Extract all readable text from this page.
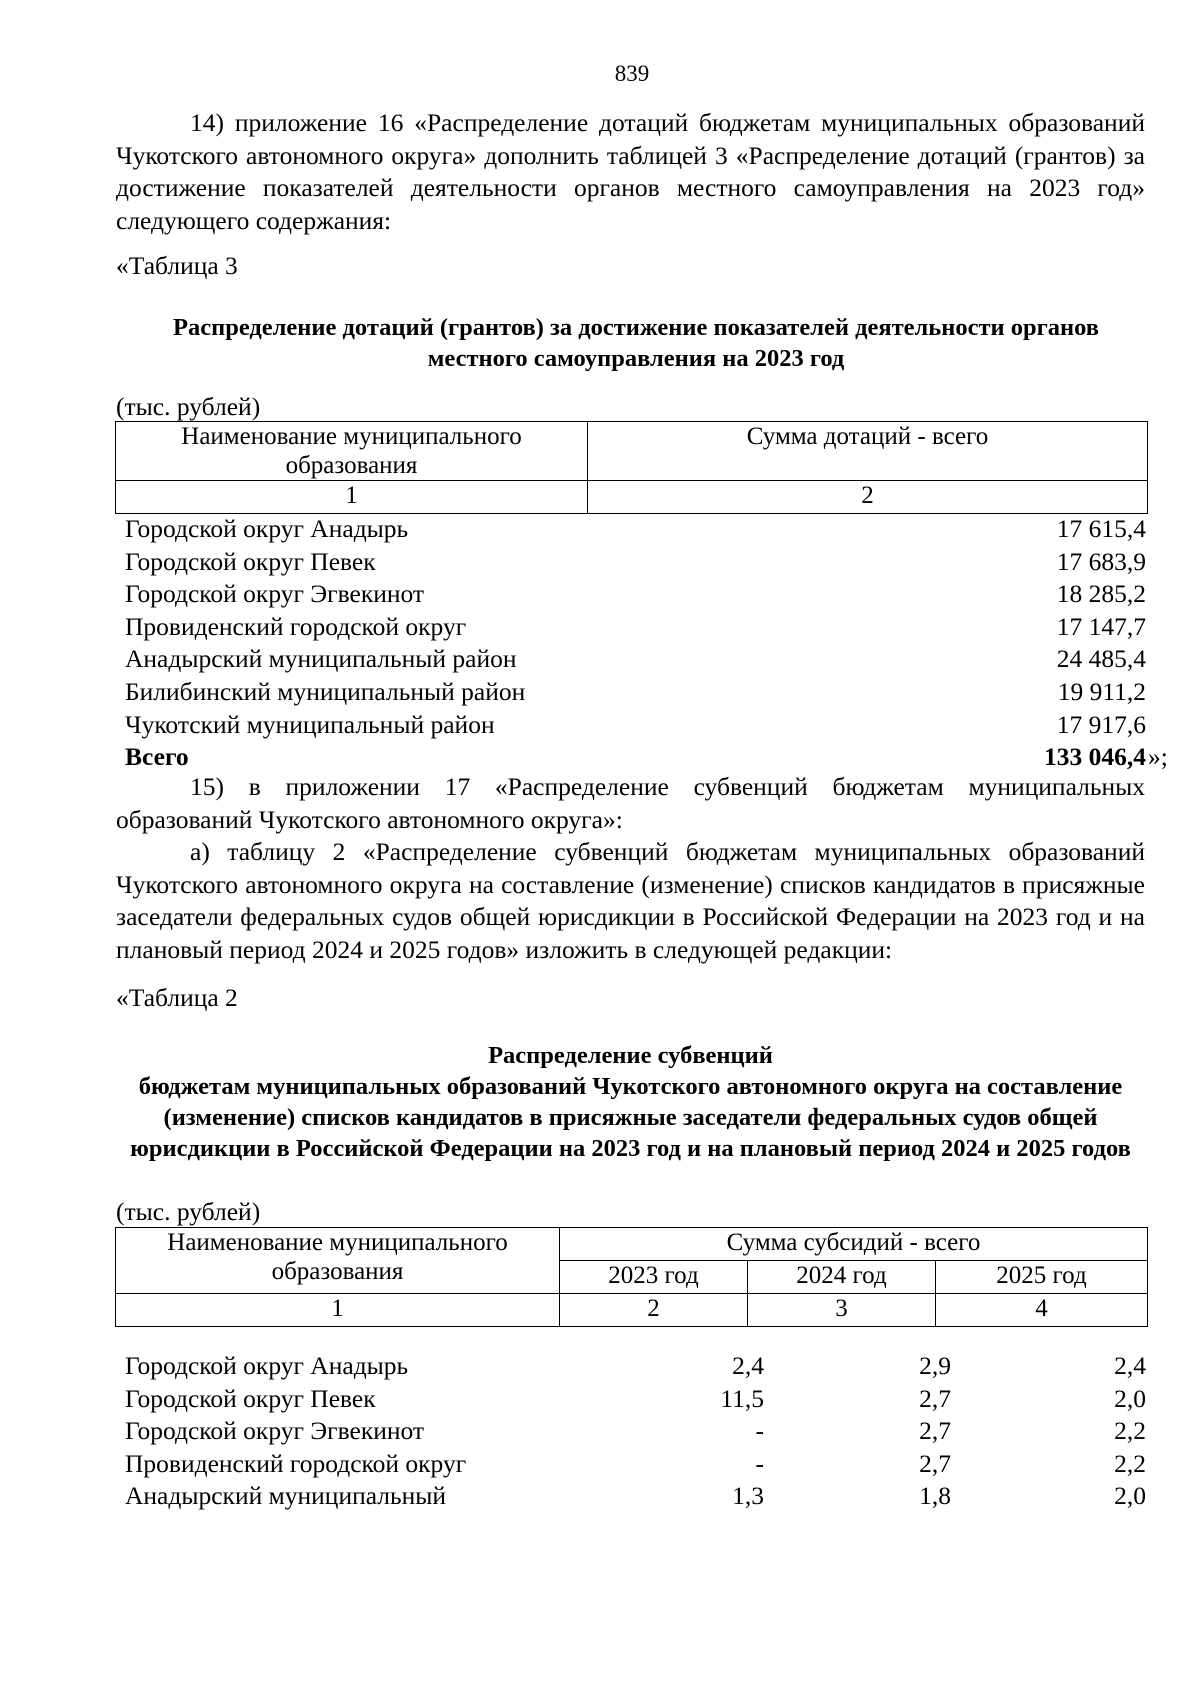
839
14) приложение 16 «Распределение дотаций бюджетам муниципальных образований Чукотского автономного округа» дополнить таблицей 3 «Распределение дотаций (грантов) за достижение показателей деятельности органов местного самоуправления на 2023 год» следующего содержания:
«Таблица 3
Распределение дотаций (грантов) за достижение показателей деятельности органов местного самоуправления на 2023 год
(тыс. рублей)
Наименование муниципального образования	Сумма дотаций - всего
1	2
Городской округ Анадырь	17 615,4
Городской округ Певек	17 683,9
Городской округ Эгвекинот	18 285,2
Провиденский городской округ	17 147,7
Анадырский муниципальный район	24 485,4
Билибинский муниципальный район	19 911,2
Чукотский муниципальный район	17 917,6
Всего	133 046,4 »;
15) в приложении 17 «Распределение субвенций бюджетам муниципальных образований Чукотского автономного округа»:
а) таблицу 2 «Распределение субвенций бюджетам муниципальных образований Чукотского автономного округа на составление (изменение) списков кандидатов в присяжные заседатели федеральных судов общей юрисдикции в Российской Федерации на 2023 год и на плановый период 2024 и 2025 годов» изложить в следующей редакции:
«Таблица 2
Распределение субвенций
бюджетам муниципальных образований Чукотского автономного округа на составление (изменение) списков кандидатов в присяжные заседатели федеральных судов общей юрисдикции в Российской Федерации на 2023 год и на плановый период 2024 и 2025 годов
(тыс. рублей)
Наименование муниципального образования	Сумма субсидий - всего		
	2023 год	2024 год	2025 год
1	2	3	4
Городской округ Анадырь	2,4	2,9	2,4
Городской округ Певек	11,5	2,7	2,0
Городской округ Эгвекинот	-	2,7	2,2
Провиденский городской округ	-	2,7	2,2
Анадырский муниципальный	1,3	1,8	2,0
